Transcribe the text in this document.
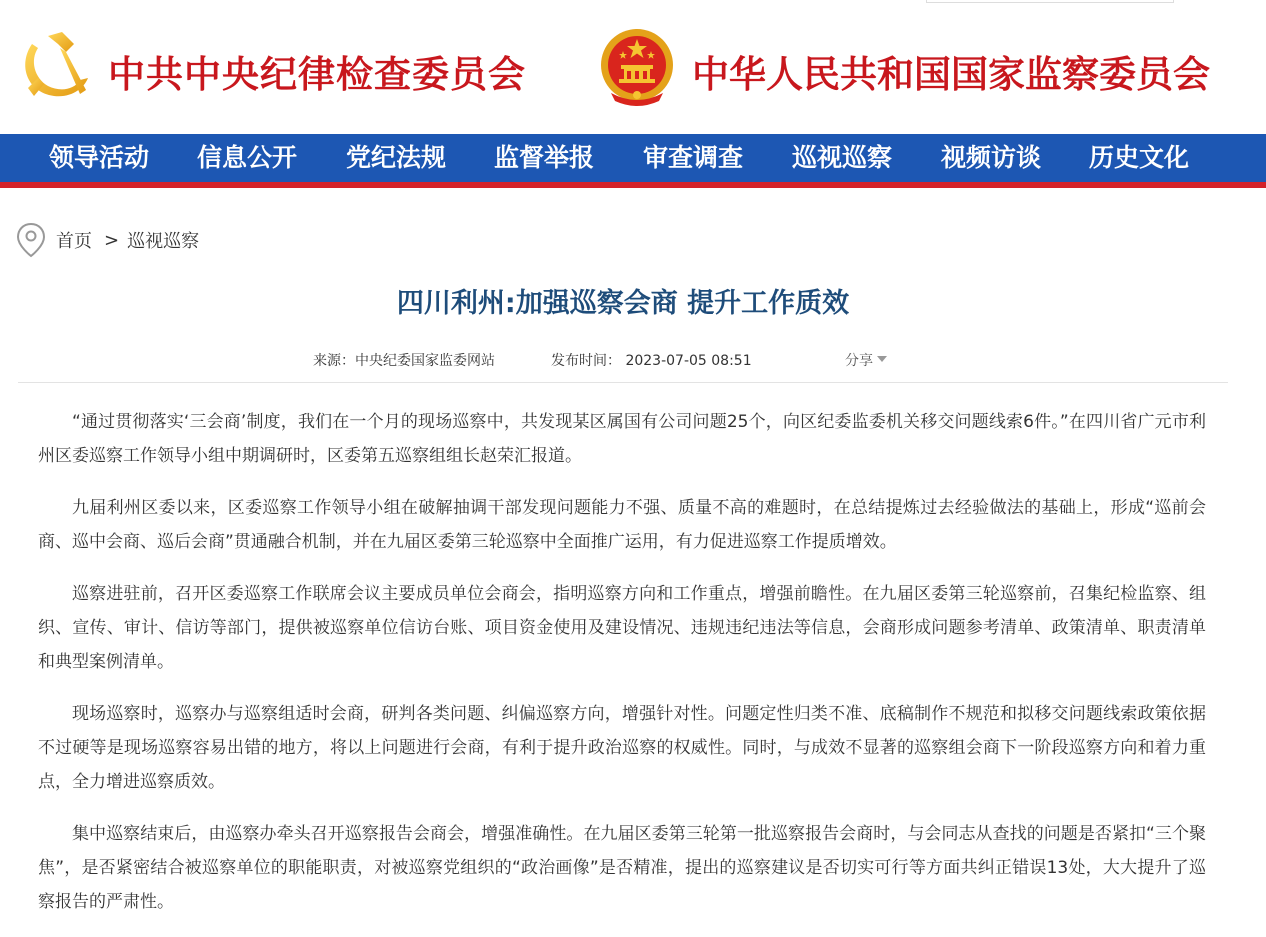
中共中央纪律检查委员会	中华人民共和国国家监察委员会
领导活动 信息公开 党纪法规 监督举报 审查调查 巡视巡察 视频访谈 历史文化
首页 > 巡视巡察
四川利州:加强巡察会商 提升工作质效
来源：中央纪委国家监委网站	发布时间： 2023-07-05 08:51	分享

“通过贯彻落实‘三会商’制度，我们在一个月的现场巡察中，共发现某区属国有公司问题25个，向区纪委监委机关移交问题线索6件。”在四川省广元市利州区委巡察工作领导小组中期调研时，区委第五巡察组组长赵荣汇报道。

九届利州区委以来，区委巡察工作领导小组在破解抽调干部发现问题能力不强、质量不高的难题时，在总结提炼过去经验做法的基础上，形成“巡前会商、巡中会商、巡后会商”贯通融合机制，并在九届区委第三轮巡察中全面推广运用，有力促进巡察工作提质增效。

巡察进驻前，召开区委巡察工作联席会议主要成员单位会商会，指明巡察方向和工作重点，增强前瞻性。在九届区委第三轮巡察前，召集纪检监察、组织、宣传、审计、信访等部门，提供被巡察单位信访台账、项目资金使用及建设情况、违规违纪违法等信息，会商形成问题参考清单、政策清单、职责清单和典型案例清单。

现场巡察时，巡察办与巡察组适时会商，研判各类问题、纠偏巡察方向，增强针对性。问题定性归类不准、底稿制作不规范和拟移交问题线索政策依据不过硬等是现场巡察容易出错的地方，将以上问题进行会商，有利于提升政治巡察的权威性。同时，与成效不显著的巡察组会商下一阶段巡察方向和着力重点，全力增进巡察质效。

集中巡察结束后，由巡察办牵头召开巡察报告会商会，增强准确性。在九届区委第三轮第一批巡察报告会商时，与会同志从查找的问题是否紧扣“三个聚焦”，是否紧密结合被巡察单位的职能职责，对被巡察党组织的“政治画像”是否精准，提出的巡察建议是否切实可行等方面共纠正错误13处，大大提升了巡察报告的严肃性。
